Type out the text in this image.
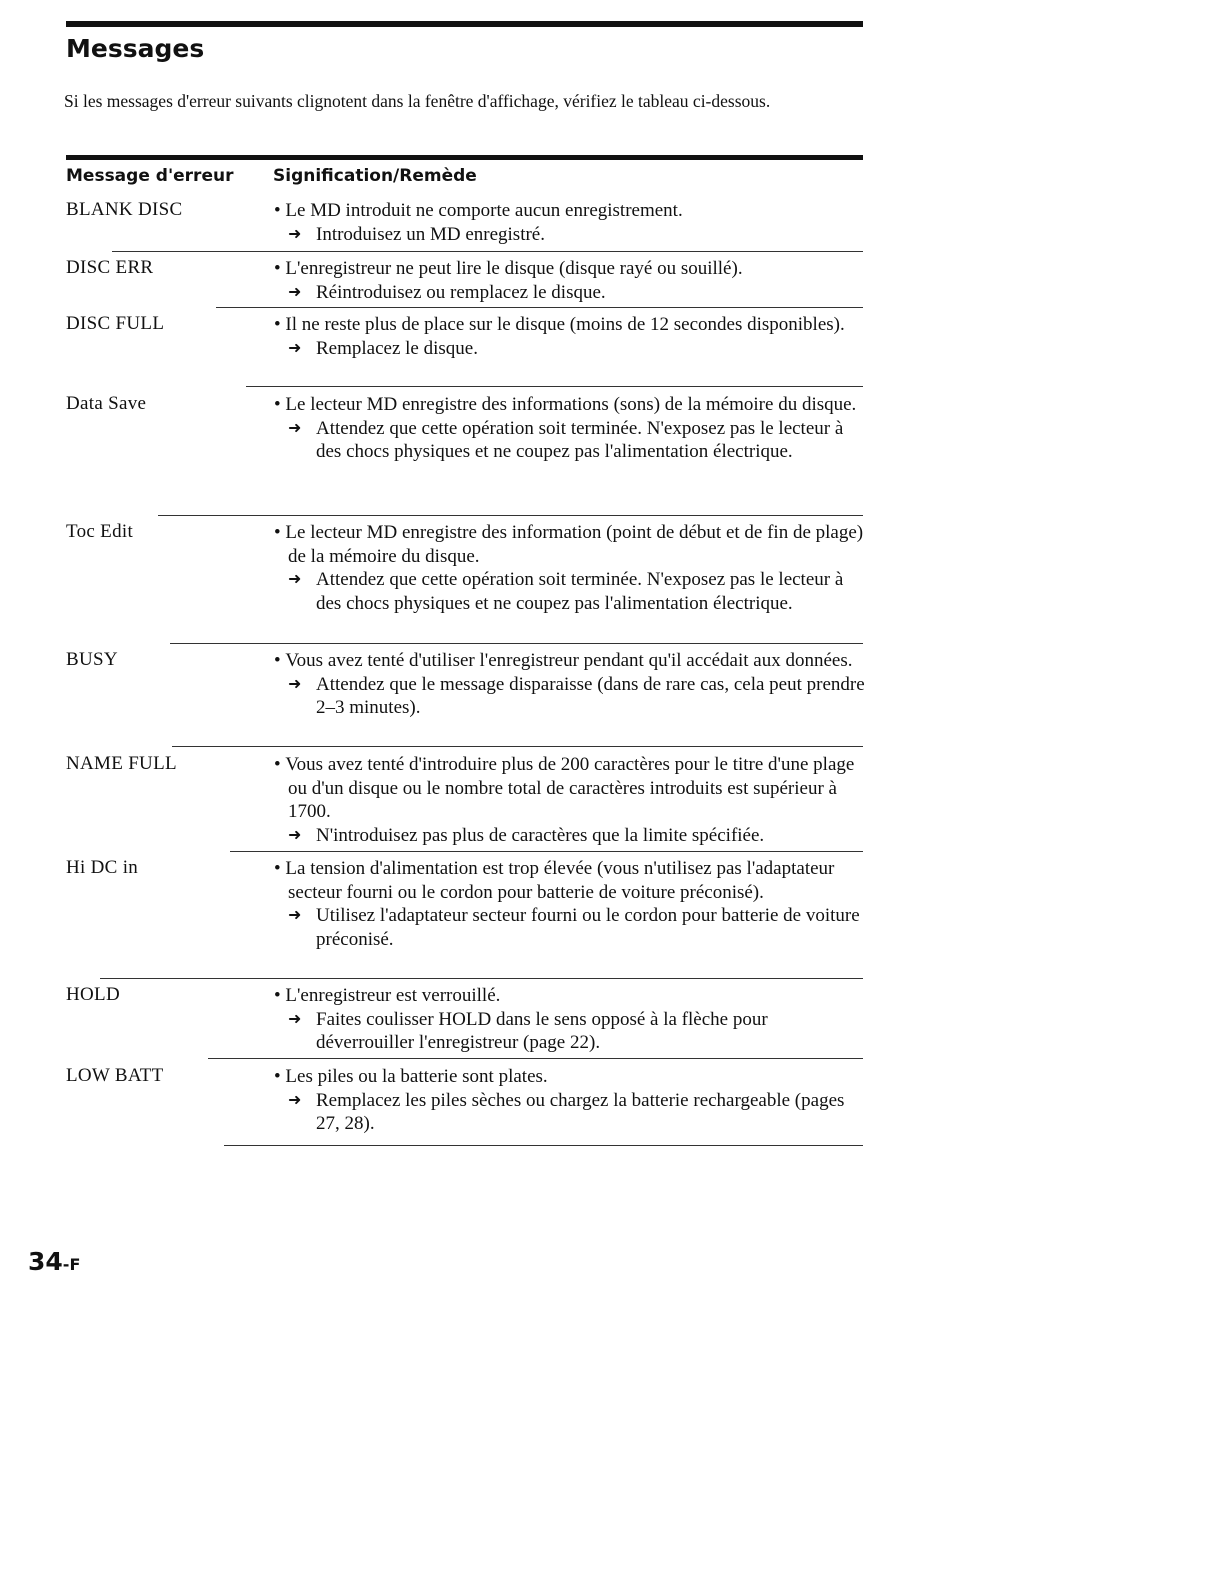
Messages

Si les messages d'erreur suivants clignotent dans la fenêtre d'affichage, vérifiez le tableau ci-dessous.

Message d'erreur Signification/Remède
BLANK DISC	• Le MD introduit ne comporte aucun enregistrement.
➜ Introduisez un MD enregistré.
DISC ERR	• L'enregistreur ne peut lire le disque (disque rayé ou souillé).
➜ Réintroduisez ou remplacez le disque.
DISC FULL	• Il ne reste plus de place sur le disque (moins de 12 secondes disponibles).
➜ Remplacez le disque.
Data Save	• Le lecteur MD enregistre des informations (sons) de la mémoire du disque.
➜ Attendez que cette opération soit terminée. N'exposez pas le lecteur à des chocs physiques et ne coupez pas l'alimentation électrique.
Toc Edit	• Le lecteur MD enregistre des information (point de début et de fin de plage) de la mémoire du disque.
➜ Attendez que cette opération soit terminée. N'exposez pas le lecteur à des chocs physiques et ne coupez pas l'alimentation électrique.
BUSY	• Vous avez tenté d'utiliser l'enregistreur pendant qu'il accédait aux données.
➜ Attendez que le message disparaisse (dans de rare cas, cela peut prendre 2–3 minutes).
NAME FULL	• Vous avez tenté d'introduire plus de 200 caractères pour le titre d'une plage ou d'un disque ou le nombre total de caractères introduits est supérieur à 1700.
➜ N'introduisez pas plus de caractères que la limite spécifiée.
Hi DC in	• La tension d'alimentation est trop élevée (vous n'utilisez pas l'adaptateur secteur fourni ou le cordon pour batterie de voiture préconisé).
➜ Utilisez l'adaptateur secteur fourni ou le cordon pour batterie de voiture préconisé.
HOLD	• L'enregistreur est verrouillé.
➜ Faites coulisser HOLD dans le sens opposé à la flèche pour déverrouiller l'enregistreur (page 22).
LOW BATT	• Les piles ou la batterie sont plates.
➜ Remplacez les piles sèches ou chargez la batterie rechargeable (pages 27, 28).
34-F
